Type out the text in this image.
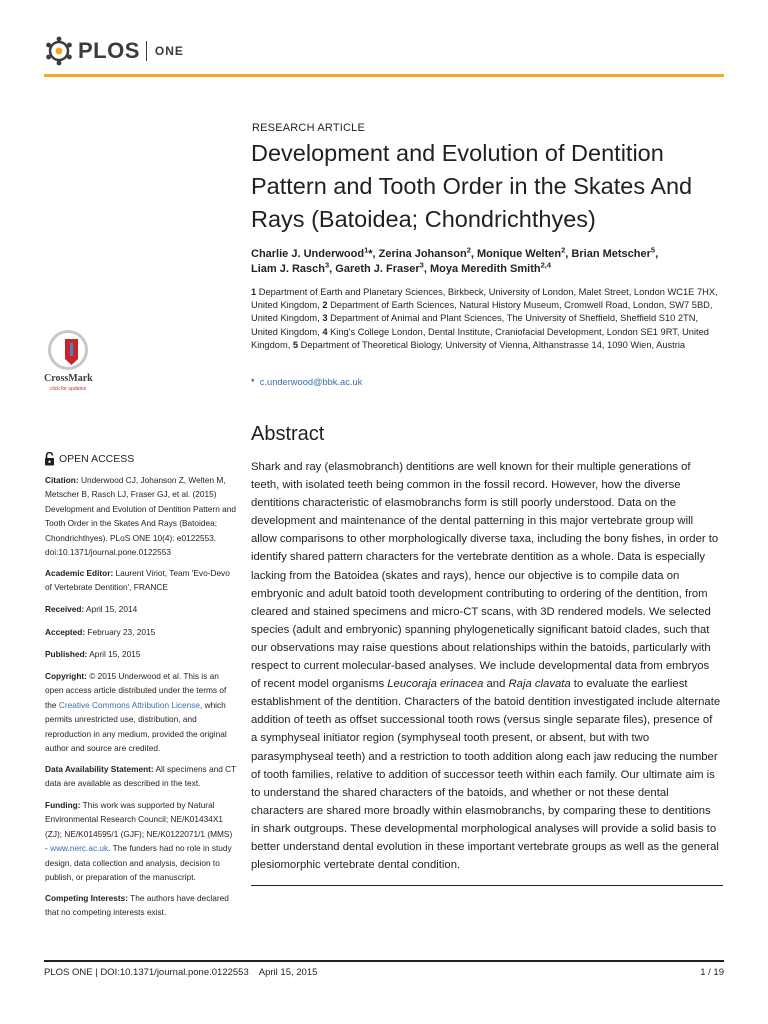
PLOS ONE
RESEARCH ARTICLE
Development and Evolution of Dentition Pattern and Tooth Order in the Skates And Rays (Batoidea; Chondrichthyes)
Charlie J. Underwood$^1$*, Zerina Johanson$^2$, Monique Welten$^2$, Brian Metscher$^5$,
Liam J. Rasch$^3$, Gareth J. Fraser$^3$, Moya Meredith Smith$^{2,4}$
1 Department of Earth and Planetary Sciences, Birkbeck, University of London, Malet Street, London WC1E 7HX, United Kingdom, 2 Department of Earth Sciences, Natural History Museum, Cromwell Road, London, SW7 5BD, United Kingdom, 3 Department of Animal and Plant Sciences, The University of Sheffield, Sheffield S10 2TN, United Kingdom, 4 King's College London, Dental Institute, Craniofacial Development, London SE1 9RT, United Kingdom, 5 Department of Theoretical Biology, University of Vienna, Althanstrasse 14, 1090 Wien, Austria
* c.underwood@bbk.ac.uk
CrossMark
click for updates
Abstract

Shark and ray (elasmobranch) dentitions are well known for their multiple generations of teeth, with isolated teeth being common in the fossil record. However, how the diverse dentitions characteristic of elasmobranchs form is still poorly understood. Data on the development and maintenance of the dental patterning in this major vertebrate group will allow comparisons to other morphologically diverse taxa, including the bony fishes, in order to identify shared pattern characters for the vertebrate dentition as a whole. Data is especially lacking from the Batoidea (skates and rays), hence our objective is to compile data on embryonic and adult batoid tooth development contributing to ordering of the dentition, from cleared and stained specimens and micro-CT scans, with 3D rendered models. We selected species (adult and embryonic) spanning phylogenetically significant batoid clades, such that our observations may raise questions about relationships within the batoids, particularly with respect to current molecular-based analyses. We include developmental data from embryos of recent model organisms Leucoraja erinacea and Raja clavata to evaluate the earliest establishment of the dentition. Characters of the batoid dentition investigated include alternate addition of teeth as offset successional tooth rows (versus single separate files), presence of a symphyseal initiator region (symphyseal tooth present, or absent, but with two parasymphyseal teeth) and a restriction to tooth addition along each jaw reducing the number of tooth families, relative to addition of successor teeth within each family. Our ultimate aim is to understand the shared characters of the batoids, and whether or not these dental characters are shared more broadly within elasmobranchs, by comparing these to dentitions in shark outgroups. These developmental morphological analyses will provide a solid basis to better understand dental evolution in these important vertebrate groups as well as the general plesiomorphic vertebrate dental condition.

OPEN ACCESS
Citation: Underwood CJ, Johanson Z, Welten M, Metscher B, Rasch LJ, Fraser GJ, et al. (2015) Development and Evolution of Dentition Pattern and Tooth Order in the Skates And Rays (Batoidea; Chondrichthyes). PLoS ONE 10(4): e0122553. doi:10.1371/journal.pone.0122553
Academic Editor: Laurent Viriot, Team 'Evo-Devo of Vertebrate Dentition', FRANCE
Received: April 15, 2014
Accepted: February 23, 2015
Published: April 15, 2015
Copyright: © 2015 Underwood et al. This is an open access article distributed under the terms of the Creative Commons Attribution License, which permits unrestricted use, distribution, and reproduction in any medium, provided the original author and source are credited.
Data Availability Statement: All specimens and CT data are available as described in the text.
Funding: This work was supported by Natural Environmental Research Council; NE/K01434X1 (ZJ); NE/K014595/1 (GJF); NE/K0122071/1 (MMS) - www.nerc.ac.uk. The funders had no role in study design, data collection and analysis, decision to publish, or preparation of the manuscript.
Competing Interests: The authors have declared that no competing interests exist.
PLOS ONE | DOI:10.1371/journal.pone.0122553    April 15, 2015	1 / 19
